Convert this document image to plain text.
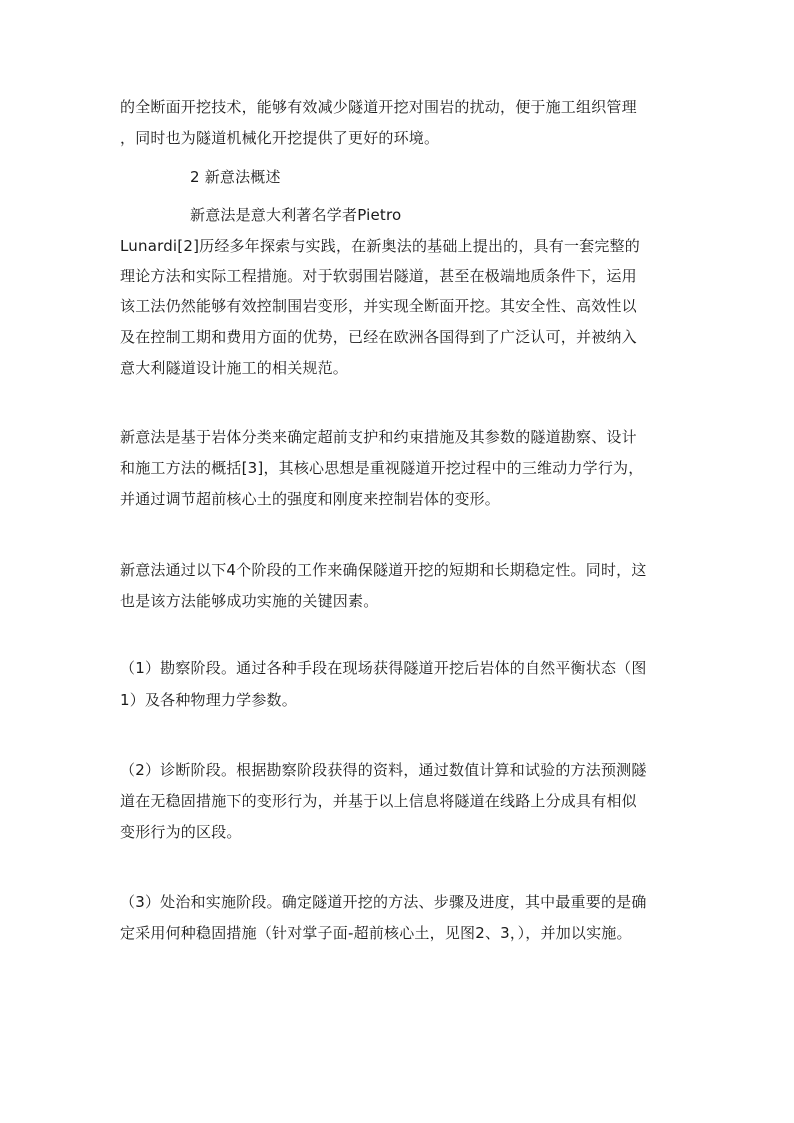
的全断面开挖技术，能够有效减少隧道开挖对围岩的扰动，便于施工组织管理
，同时也为隧道机械化开挖提供了更好的环境。
2 新意法概述
新意法是意大利著名学者Pietro
Lunardi[2]历经多年探索与实践，在新奥法的基础上提出的，具有一套完整的
理论方法和实际工程措施。对于软弱围岩隧道，甚至在极端地质条件下，运用
该工法仍然能够有效控制围岩变形，并实现全断面开挖。其安全性、高效性以
及在控制工期和费用方面的优势，已经在欧洲各国得到了广泛认可，并被纳入
意大利隧道设计施工的相关规范。
新意法是基于岩体分类来确定超前支护和约束措施及其参数的隧道勘察、设计
和施工方法的概括[3]，其核心思想是重视隧道开挖过程中的三维动力学行为，
并通过调节超前核心土的强度和刚度来控制岩体的变形。
新意法通过以下4个阶段的工作来确保隧道开挖的短期和长期稳定性。同时，这
也是该方法能够成功实施的关键因素。
（1）勘察阶段。通过各种手段在现场获得隧道开挖后岩体的自然平衡状态（图
1）及各种物理力学参数。
（2）诊断阶段。根据勘察阶段获得的资料，通过数值计算和试验的方法预测隧
道在无稳固措施下的变形行为，并基于以上信息将隧道在线路上分成具有相似
变形行为的区段。
（3）处治和实施阶段。确定隧道开挖的方法、步骤及进度，其中最重要的是确
定采用何种稳固措施（针对掌子面-超前核心土，见图2、3，），并加以实施。
